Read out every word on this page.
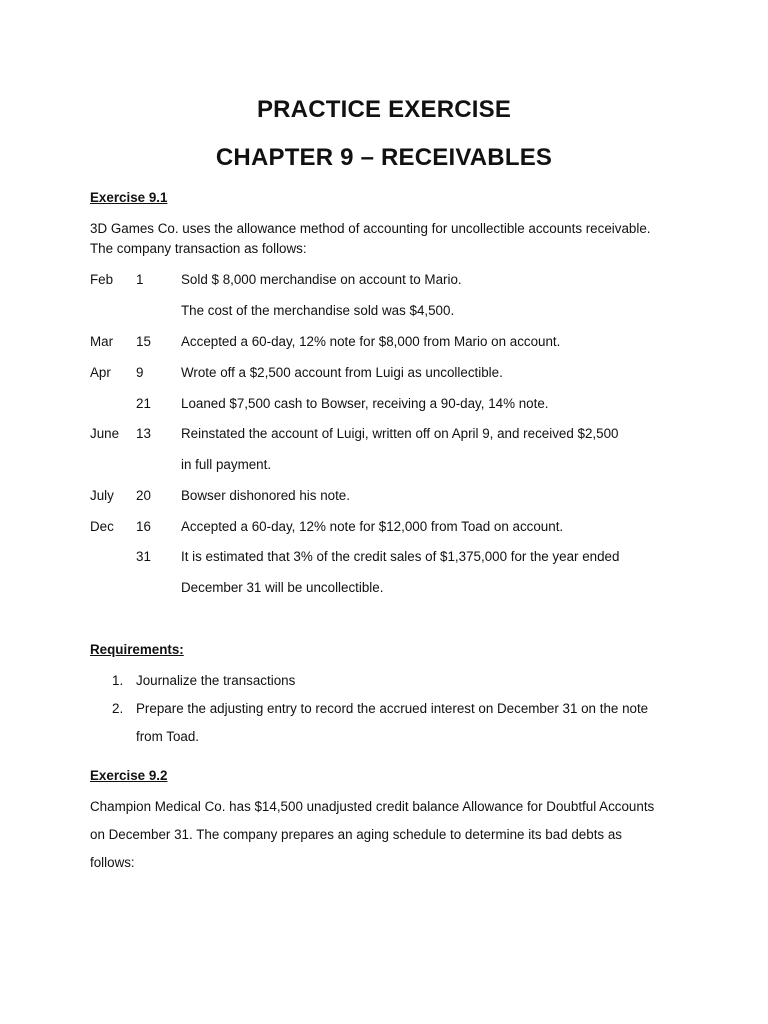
PRACTICE EXERCISE
CHAPTER 9 – RECEIVABLES
Exercise 9.1
3D Games Co. uses the allowance method of accounting for uncollectible accounts receivable.
The company transaction as follows:
Feb 1	Sold $ 8,000 merchandise on account to Mario.
The cost of the merchandise sold was $4,500.
Mar 15 Accepted a 60-day, 12% note for $8,000 from Mario on account.
Apr 9	Wrote off a $2,500 account from Luigi as uncollectible.
21 Loaned $7,500 cash to Bowser, receiving a 90-day, 14% note.
June 13 Reinstated the account of Luigi, written off on April 9, and received $2,500
in full payment.
July 20 Bowser dishonored his note.
Dec 16 Accepted a 60-day, 12% note for $12,000 from Toad on account.
31 It is estimated that 3% of the credit sales of $1,375,000 for the year ended
December 31 will be uncollectible.
Requirements:
1. Journalize the transactions
2. Prepare the adjusting entry to record the accrued interest on December 31 on the note
from Toad.
Exercise 9.2
Champion Medical Co. has $14,500 unadjusted credit balance Allowance for Doubtful Accounts
on December 31. The company prepares an aging schedule to determine its bad debts as
follows:
